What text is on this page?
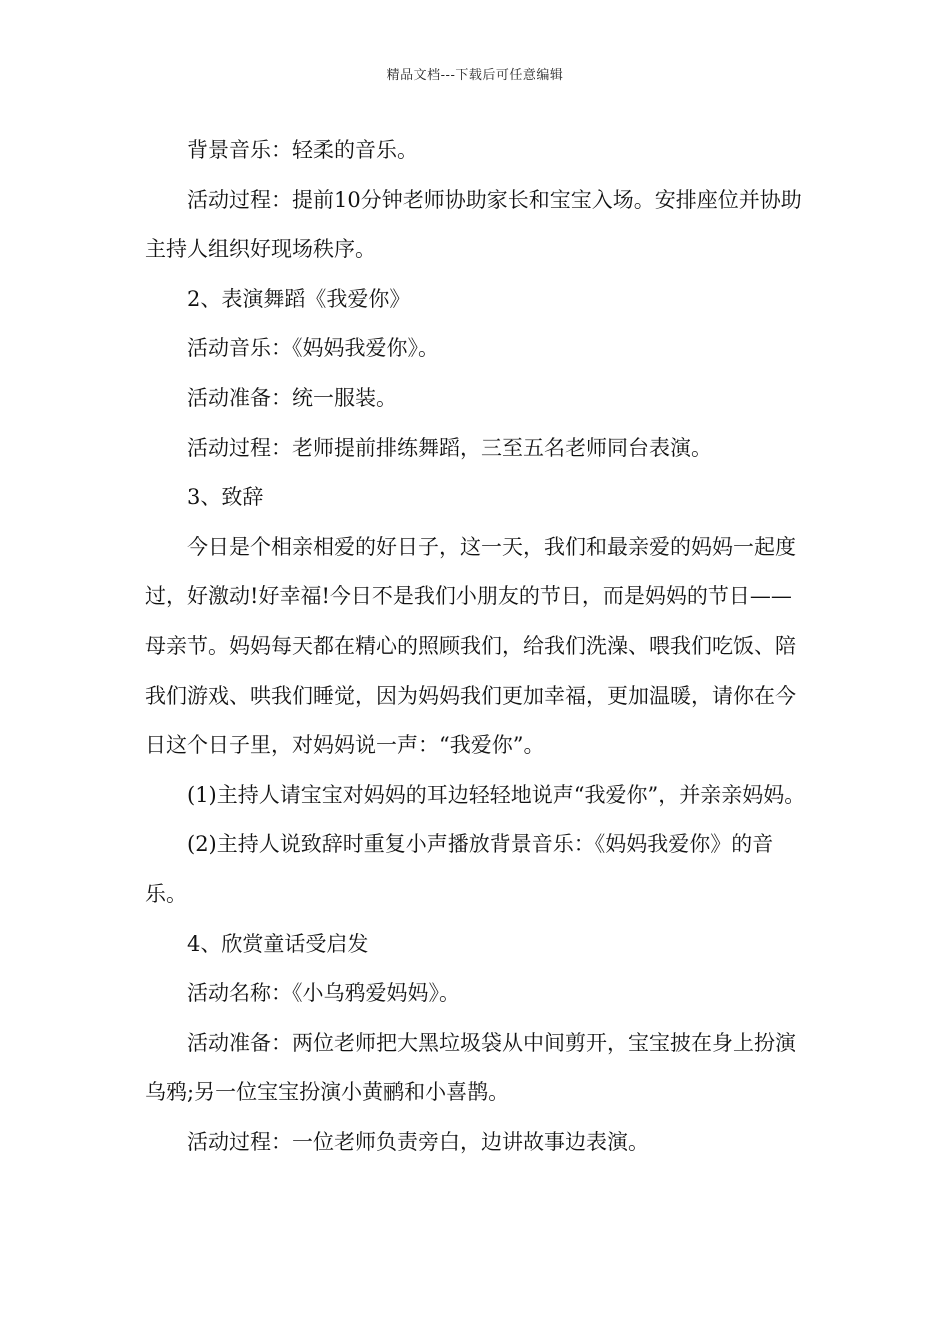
精品文档---下载后可任意编辑

背景音乐：轻柔的音乐。

活动过程：提前10分钟老师协助家长和宝宝入场。安排座位并协助主持人组织好现场秩序。

2、表演舞蹈《我爱你》

活动音乐：《妈妈我爱你》。

活动准备：统一服装。

活动过程：老师提前排练舞蹈，三至五名老师同台表演。

3、致辞

今日是个相亲相爱的好日子，这一天，我们和最亲爱的妈妈一起度过，好激动!好幸福!今日不是我们小朋友的节日，而是妈妈的节日——母亲节。妈妈每天都在精心的照顾我们，给我们洗澡、喂我们吃饭、陪我们游戏、哄我们睡觉，因为妈妈我们更加幸福，更加温暖，请你在今日这个日子里，对妈妈说一声：“我爱你”。

(1)主持人请宝宝对妈妈的耳边轻轻地说声“我爱你”，并亲亲妈妈。

(2)主持人说致辞时重复小声播放背景音乐：《妈妈我爱你》的音乐。

4、欣赏童话受启发

活动名称：《小乌鸦爱妈妈》。

活动准备：两位老师把大黑垃圾袋从中间剪开，宝宝披在身上扮演乌鸦;另一位宝宝扮演小黄鹂和小喜鹊。

活动过程：一位老师负责旁白，边讲故事边表演。
